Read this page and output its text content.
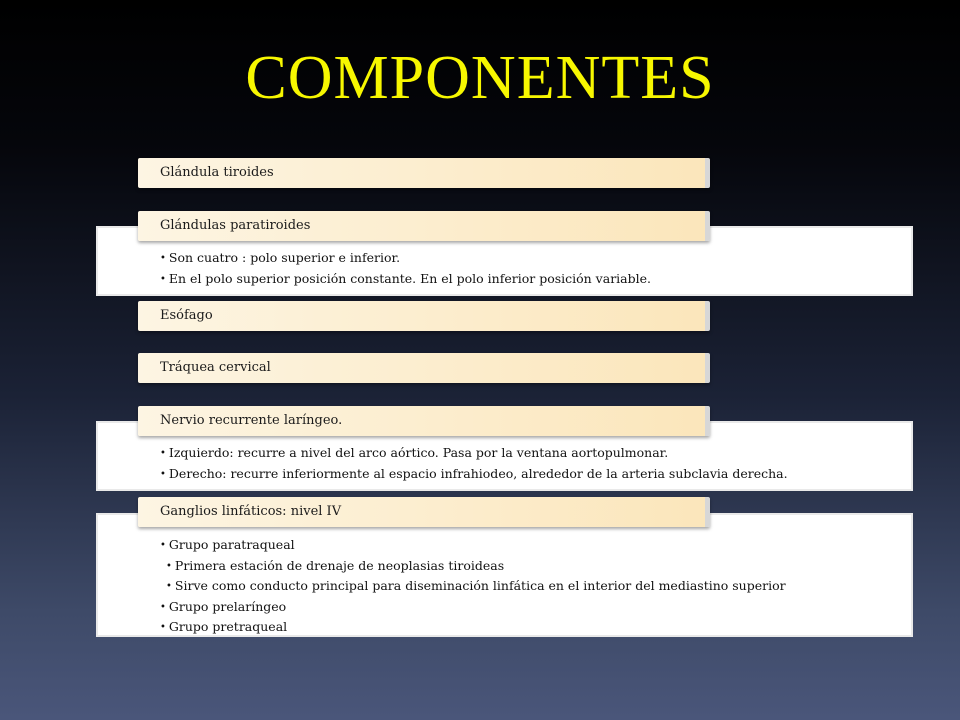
COMPONENTES
Glándula tiroides
Glándulas paratiroides
Esófago
Tráquea cervical
Nervio recurrente laríngeo.
Ganglios linfáticos: nivel IV
• Son cuatro : polo superior e inferior.
• En el polo superior posición constante. En el polo inferior posición variable.
• Izquierdo: recurre a nivel del arco aórtico. Pasa por la ventana aortopulmonar.
• Derecho: recurre inferiormente al espacio infrahiodeo, alrededor de la arteria subclavia derecha.
• Grupo paratraqueal
• Primera estación de drenaje de neoplasias tiroideas
• Sirve como conducto principal para diseminación linfática en el interior del mediastino superior
• Grupo prelaríngeo
• Grupo pretraqueal
